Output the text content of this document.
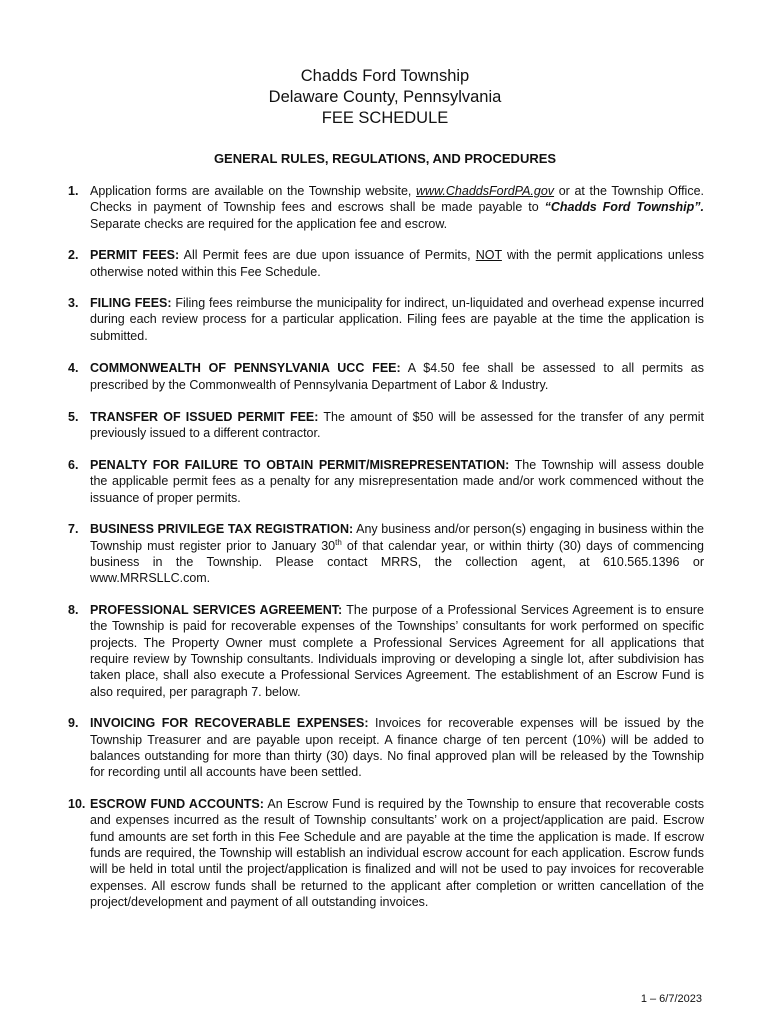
Chadds Ford Township
Delaware County, Pennsylvania
FEE SCHEDULE
GENERAL RULES, REGULATIONS, AND PROCEDURES
1. Application forms are available on the Township website, www.ChaddsFordPA.gov or at the Township Office. Checks in payment of Township fees and escrows shall be made payable to “Chadds Ford Township”. Separate checks are required for the application fee and escrow.
2. PERMIT FEES: All Permit fees are due upon issuance of Permits, NOT with the permit applications unless otherwise noted within this Fee Schedule.
3. FILING FEES: Filing fees reimburse the municipality for indirect, un-liquidated and overhead expense incurred during each review process for a particular application. Filing fees are payable at the time the application is submitted.
4. COMMONWEALTH OF PENNSYLVANIA UCC FEE: A $4.50 fee shall be assessed to all permits as prescribed by the Commonwealth of Pennsylvania Department of Labor & Industry.
5. TRANSFER OF ISSUED PERMIT FEE: The amount of $50 will be assessed for the transfer of any permit previously issued to a different contractor.
6. PENALTY FOR FAILURE TO OBTAIN PERMIT/MISREPRESENTATION: The Township will assess double the applicable permit fees as a penalty for any misrepresentation made and/or work commenced without the issuance of proper permits.
7. BUSINESS PRIVILEGE TAX REGISTRATION: Any business and/or person(s) engaging in business within the Township must register prior to January 30th of that calendar year, or within thirty (30) days of commencing business in the Township. Please contact MRRS, the collection agent, at 610.565.1396 or www.MRRSLLC.com.
8. PROFESSIONAL SERVICES AGREEMENT: The purpose of a Professional Services Agreement is to ensure the Township is paid for recoverable expenses of the Townships’ consultants for work performed on specific projects. The Property Owner must complete a Professional Services Agreement for all applications that require review by Township consultants. Individuals improving or developing a single lot, after subdivision has taken place, shall also execute a Professional Services Agreement. The establishment of an Escrow Fund is also required, per paragraph 7. below.
9. INVOICING FOR RECOVERABLE EXPENSES: Invoices for recoverable expenses will be issued by the Township Treasurer and are payable upon receipt. A finance charge of ten percent (10%) will be added to balances outstanding for more than thirty (30) days. No final approved plan will be released by the Township for recording until all accounts have been settled.
10. ESCROW FUND ACCOUNTS: An Escrow Fund is required by the Township to ensure that recoverable costs and expenses incurred as the result of Township consultants’ work on a project/application are paid. Escrow fund amounts are set forth in this Fee Schedule and are payable at the time the application is made. If escrow funds are required, the Township will establish an individual escrow account for each application. Escrow funds will be held in total until the project/application is finalized and will not be used to pay invoices for recoverable expenses. All escrow funds shall be returned to the applicant after completion or written cancellation of the project/development and payment of all outstanding invoices.
1 – 6/7/2023
